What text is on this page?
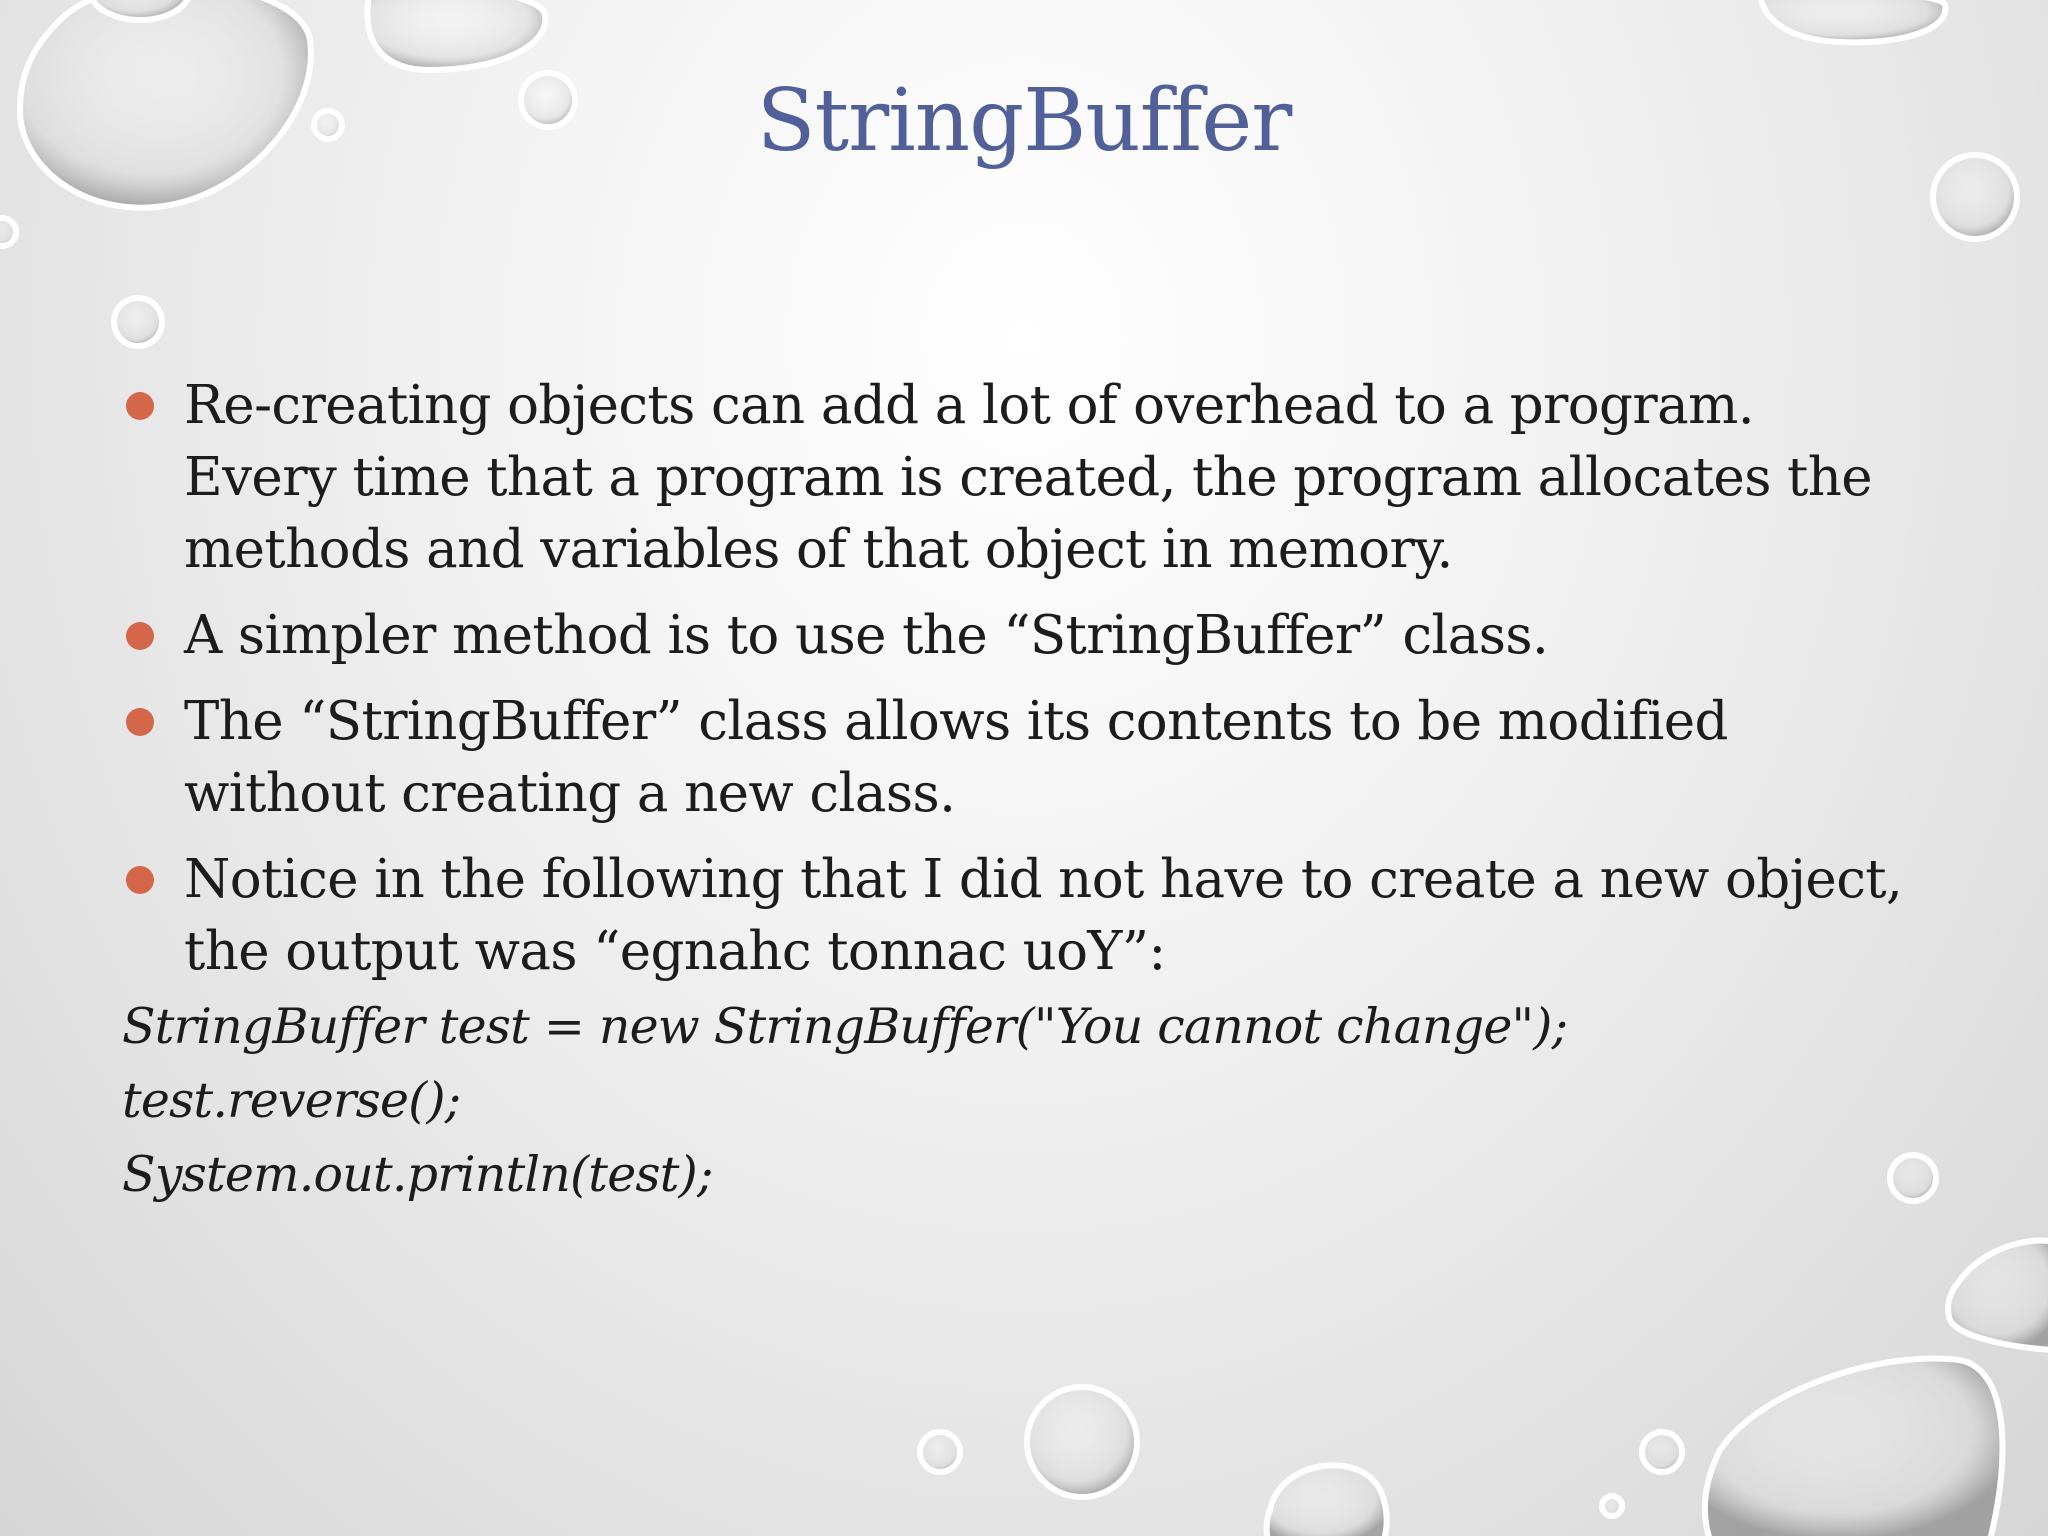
StringBuffer
Re-creating objects can add a lot of overhead to a program. Every time that a program is created, the program allocates the methods and variables of that object in memory.
A simpler method is to use the “StringBuffer” class.
The “StringBuffer” class allows its contents to be modified without creating a new class.
Notice in the following that I did not have to create a new object, the output was “egnahc tonnac uoY”:
StringBuffer test = new StringBuffer("You cannot change");
test.reverse();
System.out.println(test);
